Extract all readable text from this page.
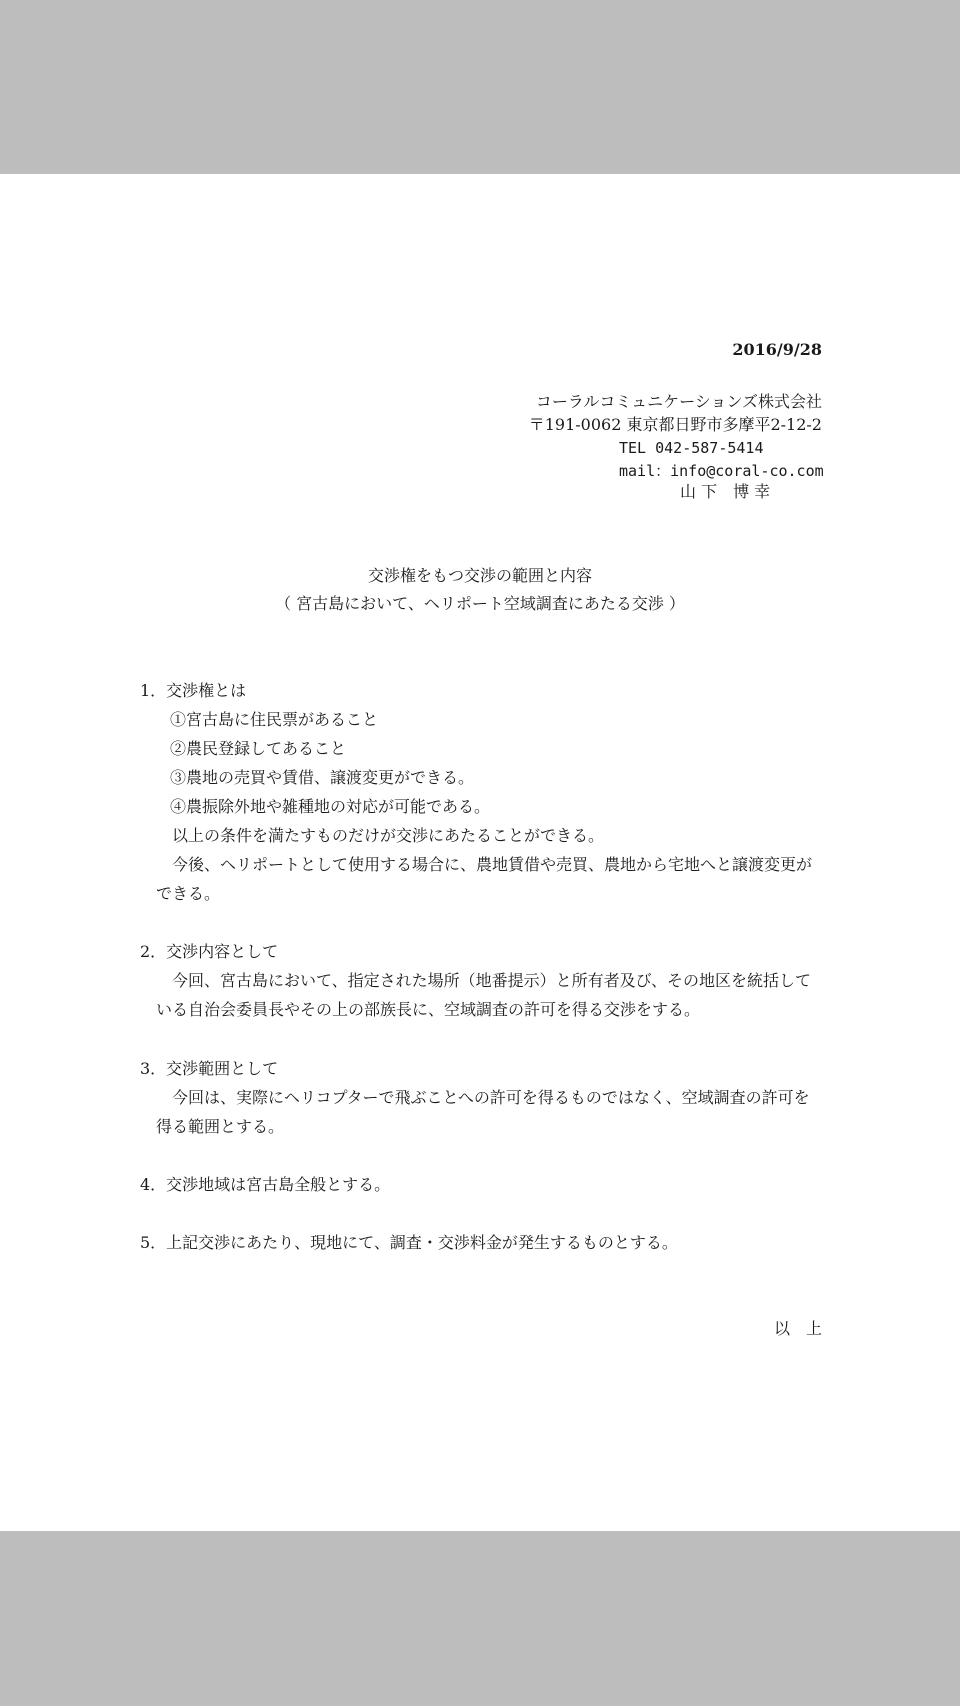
2016/9/28
コーラルコミュニケーションズ株式会社
〒191-0062 東京都日野市多摩平2-12-2
TEL 042-587-5414
mail：info@coral-co.com
山 下　博 幸
交渉権をもつ交渉の範囲と内容
（ 宮古島において、ヘリポート空域調査にあたる交渉 ）
1．交渉権とは
①宮古島に住民票があること
②農民登録してあること
③農地の売買や賃借、譲渡変更ができる。
④農振除外地や雑種地の対応が可能である。
以上の条件を満たすものだけが交渉にあたることができる。
今後、ヘリポートとして使用する場合に、農地賃借や売買、農地から宅地へと譲渡変更ができる。
2．交渉内容として
今回、宮古島において、指定された場所（地番提示）と所有者及び、その地区を統括している自治会委員長やその上の部族長に、空域調査の許可を得る交渉をする。
3．交渉範囲として
今回は、実際にヘリコプターで飛ぶことへの許可を得るものではなく、空域調査の許可を得る範囲とする。
4．交渉地域は宮古島全般とする。
5．上記交渉にあたり、現地にて、調査・交渉料金が発生するものとする。
以　上
